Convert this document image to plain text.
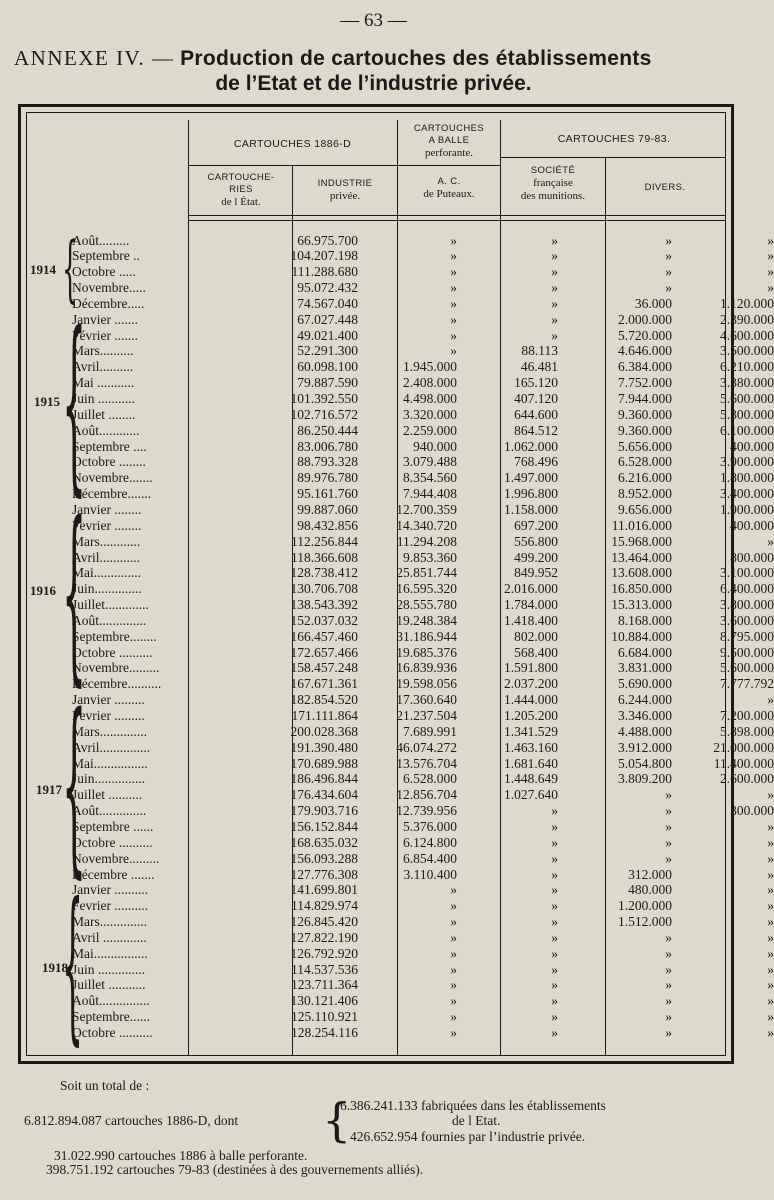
— 63 —
ANNEXE IV. — Production de cartouches des établissements
de l’Etat et de l’industrie privée.
CARTOUCHES 1886-D
CARTOUCHES
A BALLE
perforante.
CARTOUCHES 79-83.
CARTOUCHE-
RIES
de l État.
INDUSTRIE
privée.
A. C.
de Puteaux.
SOCIÉTÉ
française
des munitions.
DIVERS.
1914
1915
1916
1917
1918
{
{
{
{
{
Août.........	66.975.700	»	»	»	»
Septembre ..	104.207.198	»	»	»	»
Octobre .....	111.288.680	»	»	»	»
Novembre.....	95.072.432	»	»	»	»
Décembre.....	74.567.040	»	»	36.000	1.120.000
Janvier .......	67.027.448	»	»	2.000.000	2.390.000
Février .......	49.021.400	»	»	5.720.000	4.600.000
Mars..........	52.291.300	»	88.113	4.646.000	3.500.000
Avril..........	60.098.100	1.945.000	46.481	6.384.000	6.210.000
Mai ...........	79.887.590	2.408.000	165.120	7.752.000	3.380.000
Juin ...........	101.392.550	4.498.000	407.120	7.944.000	5.600.000
Juillet ........	102.716.572	3.320.000	644.600	9.360.000	5.300.000
Août............	86.250.444	2.259.000	864.512	9.360.000	6.100.000
Septembre ....	83.006.780	940.000	1.062.000	5.656.000	400.000
Octobre ........	88.793.328	3.079.488	768.496	6.528.000	3.900.000
Novembre.......	89.976.780	8.354.560	1.497.000	6.216.000	1.800.000
Décembre.......	95.161.760	7.944.408	1.996.800	8.952.000	3.400.000
Janvier ........	99.887.060	12.700.359	1.158.000	9.656.000	1.900.000
Fevrier ........	98.432.856	14.340.720	697.200	11.016.000	400.000
Mars............	112.256.844	11.294.208	556.800	15.968.000	»
Avril............	118.366.608	9.853.360	499.200	13.464.000	800.000
Mai..............	128.738.412	25.851.744	849.952	13.608.000	3.100.000
Juin..............	130.706.708	16.595.320	2.016.000	16.850.000	6.400.000
Juillet.............	138.543.392	28.555.780	1.784.000	15.313.000	3.800.000
Août..............	152.037.032	19.248.384	1.418.400	8.168.000	3.600.000
Septembre........	166.457.460	31.186.944	802.000	10.884.000	8.795.000
Octobre ..........	172.657.466	19.685.376	568.400	6.684.000	9.500.000
Novembre.........	158.457.248	16.839.936	1.591.800	3.831.000	5.600.000
Décembre..........	167.671.361	19.598.056	2.037.200	5.690.000	7.777.792
Janvier .........	182.854.520	17.360.640	1.444.000	6.244.000	»
Fevrier .........	171.111.864	21.237.504	1.205.200	3.346.000	7.200.000
Mars..............	200.028.368	7.689.991	1.341.529	4.488.000	5.898.000
Avril...............	191.390.480	46.074.272	1.463.160	3.912.000	21.000.000
Mai................	170.689.988	13.576.704	1.681.640	5.054.800	11.400.000
Juin...............	186.496.844	6.528.000	1.448.649	3.809.200	2.600.000
Juillet ..........	176.434.604	12.856.704	1.027.640	»	»
Août..............	179.903.716	12.739.956	»	»	300.000
Septembre ......	156.152.844	5.376.000	»	»	»
Octobre ..........	168.635.032	6.124.800	»	»	»
Novembre.........	156.093.288	6.854.400	»	»	»
Décembre .......	127.776.308	3.110.400	»	312.000	»
Janvier ..........	141.699.801	»	»	480.000	»
Fevrier ..........	114.829.974	»	»	1.200.000	»
Mars..............	126.845.420	»	»	1.512.000	»
Avril .............	127.822.190	»	»	»	»
Mai................	126.792.920	»	»	»	»
Juin ..............	114.537.536	»	»	»	»
Juillet ...........	123.711.364	»	»	»	»
Août...............	130.121.406	»	»	»	»
Septembre......	125.110.921	»	»	»	»
Octobre ..........	128.254.116	»	»	»	»
Soit un total de :
6.812.894.087 cartouches 1886-D, dont {
6.386.241.133 fabriquées dans les établissements
de l Etat.
426.652.954 fournies par l’industrie privée.
31.022.990 cartouches 1886 à balle perforante.
398.751.192 cartouches 79-83 (destinées à des gouvernements alliés).
